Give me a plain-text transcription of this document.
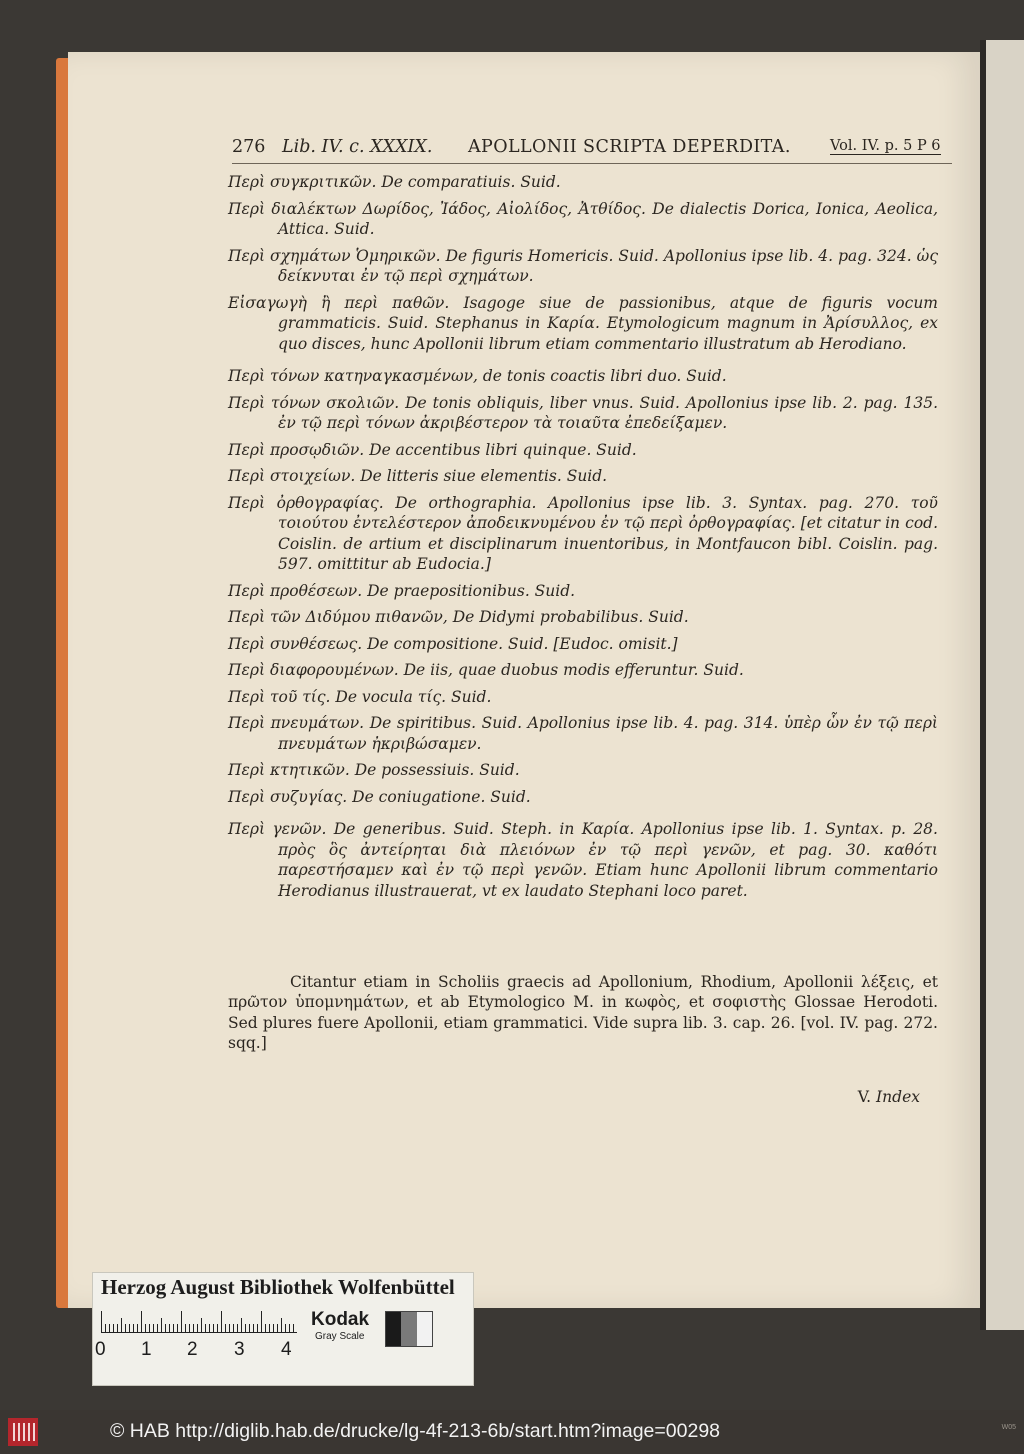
276 Lib. IV. c. XXXIX. APOLLONII SCRIPTA DEPERDITA.	Vol. IV. p. 5 P 6

Περὶ συγκριτικῶν. De comparatiuis. Suid.

Περὶ διαλέκτων Δωρίδος, Ἰάδος, Αἰολίδος, Ἀτθίδος. De dialectis Dorica, Ionica, Aeolica, Attica. Suid.

Περὶ σχημάτων Ὁμηρικῶν. De figuris Homericis. Suid. Apollonius ipse lib. 4. pag. 324. ὡς δείκνυται ἐν τῷ περὶ σχημάτων.

Εἰσαγωγὴ ἢ περὶ παθῶν. Isagoge siue de passionibus, atque de figuris vocum grammaticis. Suid. Stephanus in Καρία. Etymologicum magnum in Ἀρίσυλλος, ex quo disces, hunc Apollonii librum etiam commentario illustratum ab Herodiano.

Περὶ τόνων κατηναγκασμένων, de tonis coactis libri duo. Suid.

Περὶ τόνων σκολιῶν. De tonis obliquis, liber vnus. Suid. Apollonius ipse lib. 2. pag. 135. ἐν τῷ περὶ τόνων ἀκριβέστερον τὰ τοιαῦτα ἐπεδείξαμεν.

Περὶ προσῳδιῶν. De accentibus libri quinque. Suid.

Περὶ στοιχείων. De litteris siue elementis. Suid.

Περὶ ὀρθογραφίας. De orthographia. Apollonius ipse lib. 3. Syntax. pag. 270. τοῦ τοιούτου ἐντελέστερον ἀποδεικνυμένου ἐν τῷ περὶ ὀρθογραφίας. [et citatur in cod. Coislin. de artium et disciplinarum inuentoribus, in Montfaucon bibl. Coislin. pag. 597. omittitur ab Eudocia.]

Περὶ προθέσεων. De praepositionibus. Suid.

Περὶ τῶν Διδύμου πιθανῶν, De Didymi probabilibus. Suid.

Περὶ συνθέσεως. De compositione. Suid. [Eudoc. omisit.]

Περὶ διαφορουμένων. De iis, quae duobus modis efferuntur. Suid.

Περὶ τοῦ τίς. De vocula τίς. Suid.

Περὶ πνευμάτων. De spiritibus. Suid. Apollonius ipse lib. 4. pag. 314. ὑπὲρ ὧν ἐν τῷ περὶ πνευμάτων ἠκριβώσαμεν.

Περὶ κτητικῶν. De possessiuis. Suid.

Περὶ συζυγίας. De coniugatione. Suid.

Περὶ γενῶν. De generibus. Suid. Steph. in Καρία. Apollonius ipse lib. 1. Syntax. p. 28. πρὸς ὃς ἀντείρηται διὰ πλειόνων ἐν τῷ περὶ γενῶν, et pag. 30. καθότι παρεστήσαμεν καὶ ἐν τῷ περὶ γενῶν. Etiam hunc Apollonii librum commentario Herodianus illustrauerat, vt ex laudato Stephani loco paret.

Citantur etiam in Scholiis graecis ad Apollonium, Rhodium, Apollonii λέξεις, et πρῶτον ὑπομνημάτων, et ab Etymologico M. in κωφὸς, et σοφιστὴς Glossae Herodoti. Sed plures fuere Apollonii, etiam grammatici. Vide supra lib. 3. cap. 26. [vol. IV. pag. 272. sqq.]

V. Index
Herzog August Bibliothek Wolfenbüttel
0 1 2 3 4
Kodak
Gray Scale
© HAB http://diglib.hab.de/drucke/lg-4f-213-6b/start.htm?image=00298	W05
